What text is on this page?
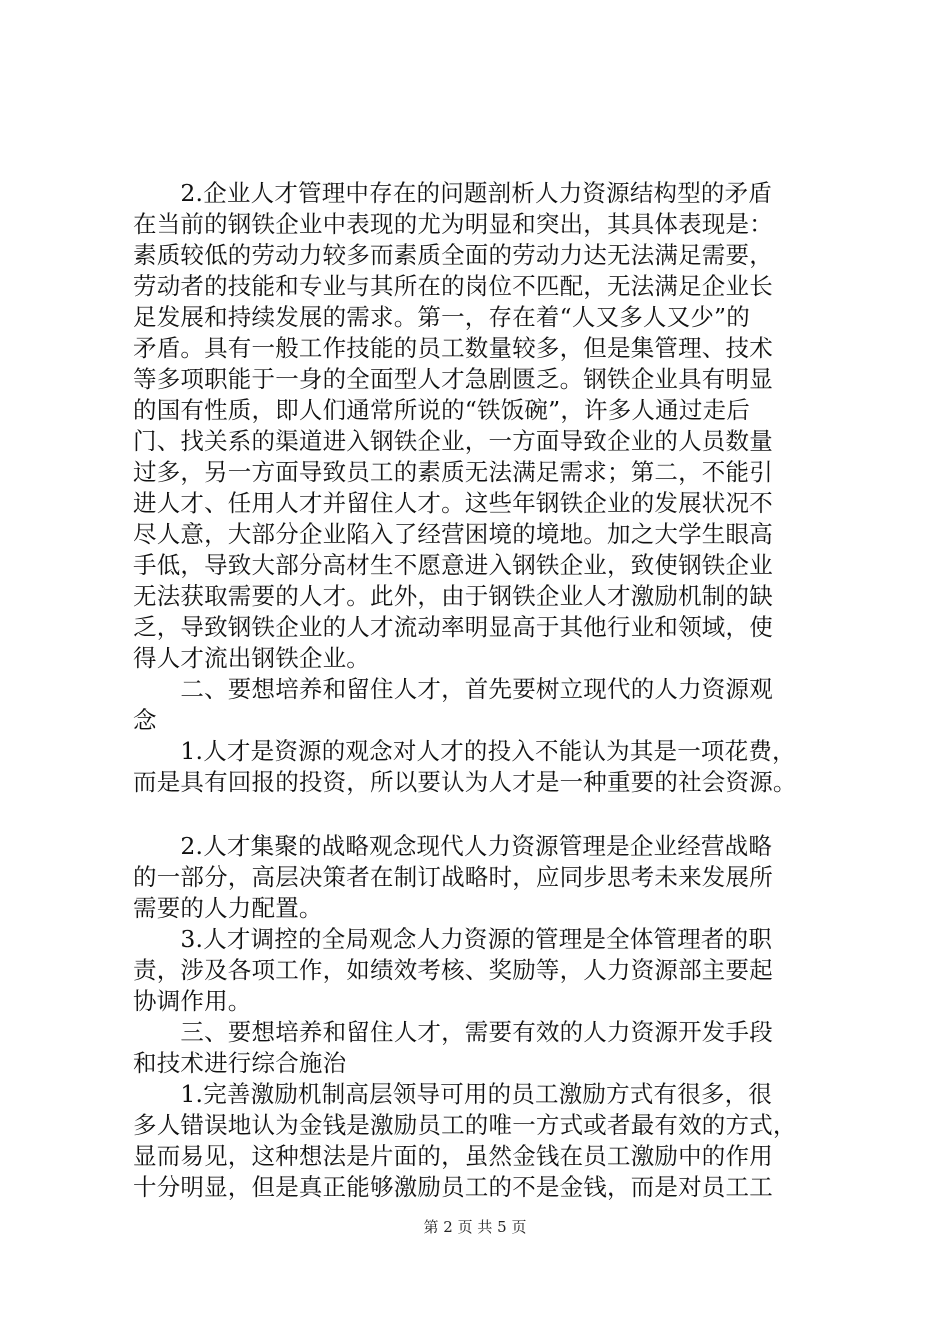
　　2.企业人才管理中存在的问题剖析人力资源结构型的矛盾
在当前的钢铁企业中表现的尤为明显和突出，其具体表现是：
素质较低的劳动力较多而素质全面的劳动力达无法满足需要，
劳动者的技能和专业与其所在的岗位不匹配，无法满足企业长
足发展和持续发展的需求。第一，存在着“人又多人又少”的
矛盾。具有一般工作技能的员工数量较多，但是集管理、技术
等多项职能于一身的全面型人才急剧匮乏。钢铁企业具有明显
的国有性质，即人们通常所说的“铁饭碗”，许多人通过走后
门、找关系的渠道进入钢铁企业，一方面导致企业的人员数量
过多，另一方面导致员工的素质无法满足需求；第二，不能引
进人才、任用人才并留住人才。这些年钢铁企业的发展状况不
尽人意，大部分企业陷入了经营困境的境地。加之大学生眼高
手低，导致大部分高材生不愿意进入钢铁企业，致使钢铁企业
无法获取需要的人才。此外，由于钢铁企业人才激励机制的缺
乏，导致钢铁企业的人才流动率明显高于其他行业和领域，使
得人才流出钢铁企业。
　　二、要想培养和留住人才，首先要树立现代的人力资源观
念
　　1.人才是资源的观念对人才的投入不能认为其是一项花费，
而是具有回报的投资，所以要认为人才是一种重要的社会资源。
　　2.人才集聚的战略观念现代人力资源管理是企业经营战略
的一部分，高层决策者在制订战略时，应同步思考未来发展所
需要的人力配置。
　　3.人才调控的全局观念人力资源的管理是全体管理者的职
责，涉及各项工作，如绩效考核、奖励等，人力资源部主要起
协调作用。
　　三、要想培养和留住人才，需要有效的人力资源开发手段
和技术进行综合施治
　　1.完善激励机制高层领导可用的员工激励方式有很多，很
多人错误地认为金钱是激励员工的唯一方式或者最有效的方式，
显而易见，这种想法是片面的，虽然金钱在员工激励中的作用
十分明显，但是真正能够激励员工的不是金钱，而是对员工工
第 2 页 共 5 页
